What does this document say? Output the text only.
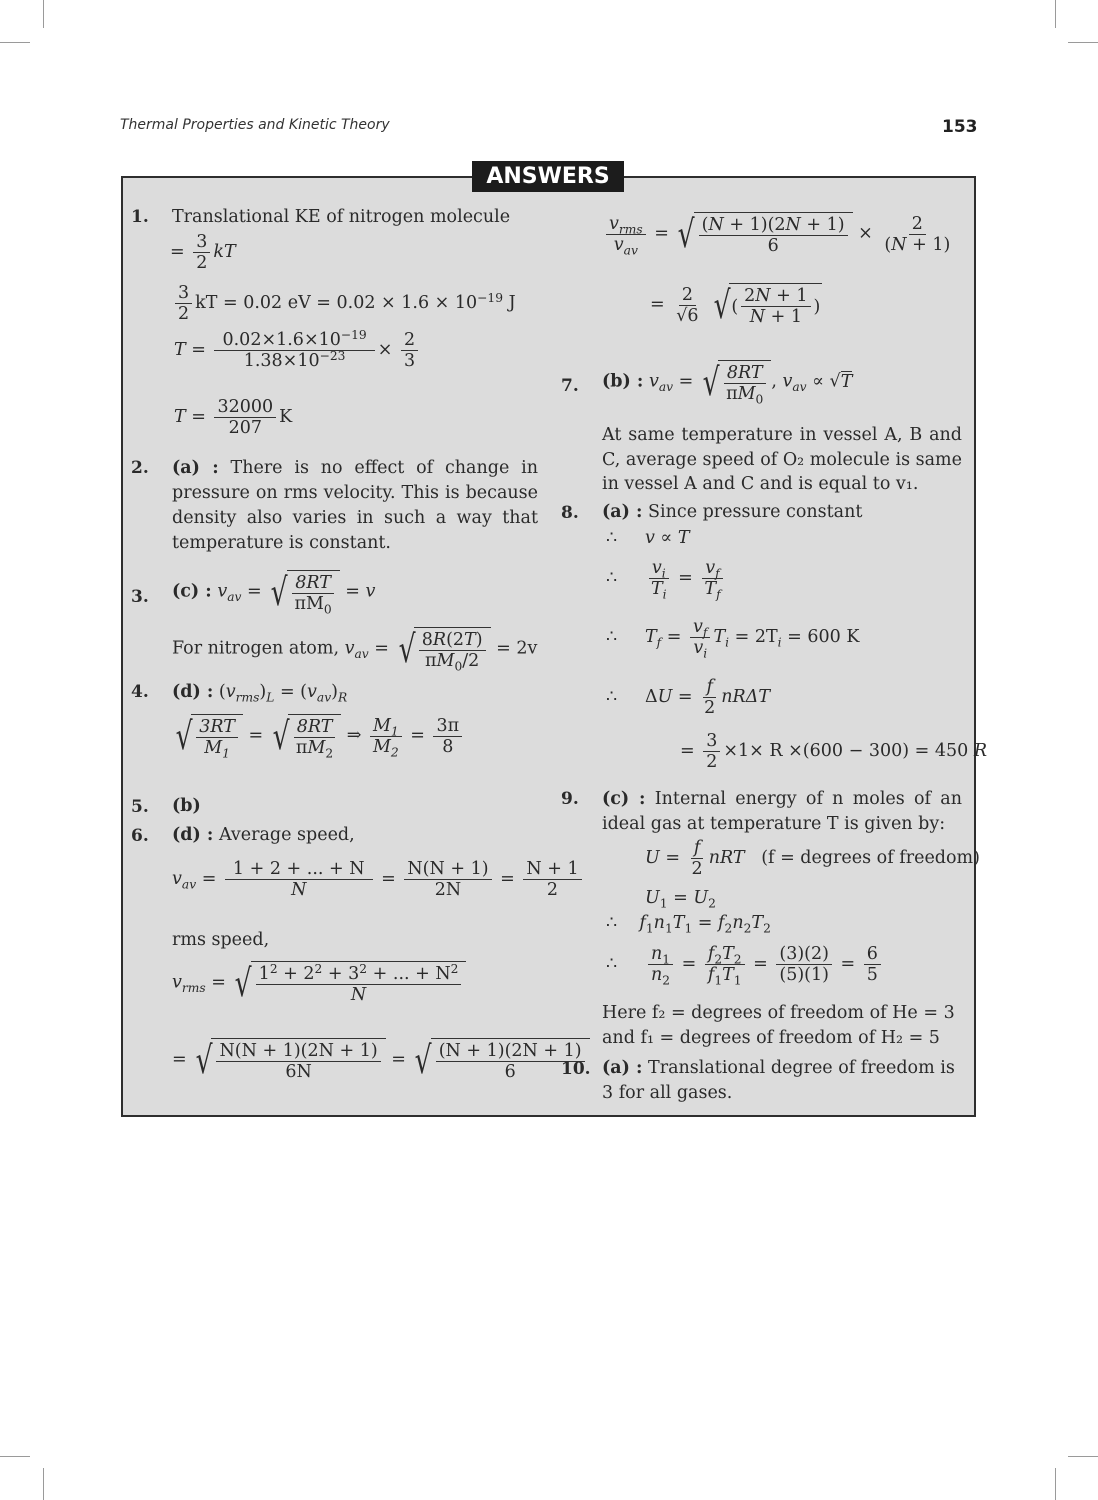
Thermal Properties and Kinetic Theory	153
ANSWERS
1. Translational KE of nitrogen molecule
= $\frac{3}{2}$ kT
$\frac{3}{2}$ kT = 0.02 eV = $0.02 \times 1.6 \times 10^{-19}$ J
$T = \frac{0.02\times 1.6\times 10^{-19}}{1.38\times 10^{-23}} \times \frac{2}{3}$
$T = \frac{32000}{207}$ K
2. (a) : There is no effect of change in pressure on rms velocity. This is because density also varies in such a way that temperature is constant.
3. (c) : $v_{av}$ = √ 8RT
$\pi M_0$
= v
For nitrogen atom, $v_{av}$ = √ 8R(2T)
$\pi M_0/2$
= 2v
4. (d) : $(v_{rms})_L = (v_{av})_R$
√ 3RT
$M_1$
= √ 8RT
$\pi M_2$
⇒ $\frac{M_1}{M_2} = \frac{3\pi}{8}$
5. (b)
6. (d) : Average speed,
$v_{av} = \frac{1 + 2 + ... + N}{N} = \frac{N(N + 1)}{2N} = \frac{N + 1}{2}$
rms speed,
$v_{rms}$ = √ $1^2 + 2^2 + 3^2$ + ... + $N^2$
N
= √ N(N + 1)(2N + 1)
6N
= √ (N + 1)(2N + 1)
6
$v_{rms}$
$v_{av}$
= √ (N + 1)(2N + 1)
6
× $\frac{2}{(N + 1)}$
= $\frac{2}{√6}$
√ (
2N + 1
N + 1
)
7. (b) : $v_{av}$ = √ 8RT
$\pi M_0$
, $v_{av} \propto √T$
At same temperature in vessel A, B and C, average speed of O₂ molecule is same in vessel A and C and is equal to v₁.
8. (a) : Since pressure constant
∴ v ∝ T
∴ $\frac{v_i}{T_i} = \frac{v_f}{T_f}$
∴ $T_f = \frac{v_f}{v_i} T_i = 2T_i = 600$ K
∴     $\Delta U = \frac{f}{2}$ nRΔT
= $\frac{3}{2} \times 1\times R \times(600 - 300) = 450$ R
9. (c) : Internal energy of n moles of an ideal gas at temperature T is given by:
$U = \frac{f}{2}$ nRT (f = degrees of freedom)
$U_1 = U_2$
∴    $f_1n_1T_1 = f_2n_2T_2$
∴ $\frac{n_1}{n_2} = \frac{f_2T_2}{f_1T_1} = \frac{(3)(2)}{(5)(1)} = \frac{6}{5}$
Here f₂ = degrees of freedom of He = 3
and f₁ = degrees of freedom of H₂ = 5
10. (a) : Translational degree of freedom is
3 for all gases.
